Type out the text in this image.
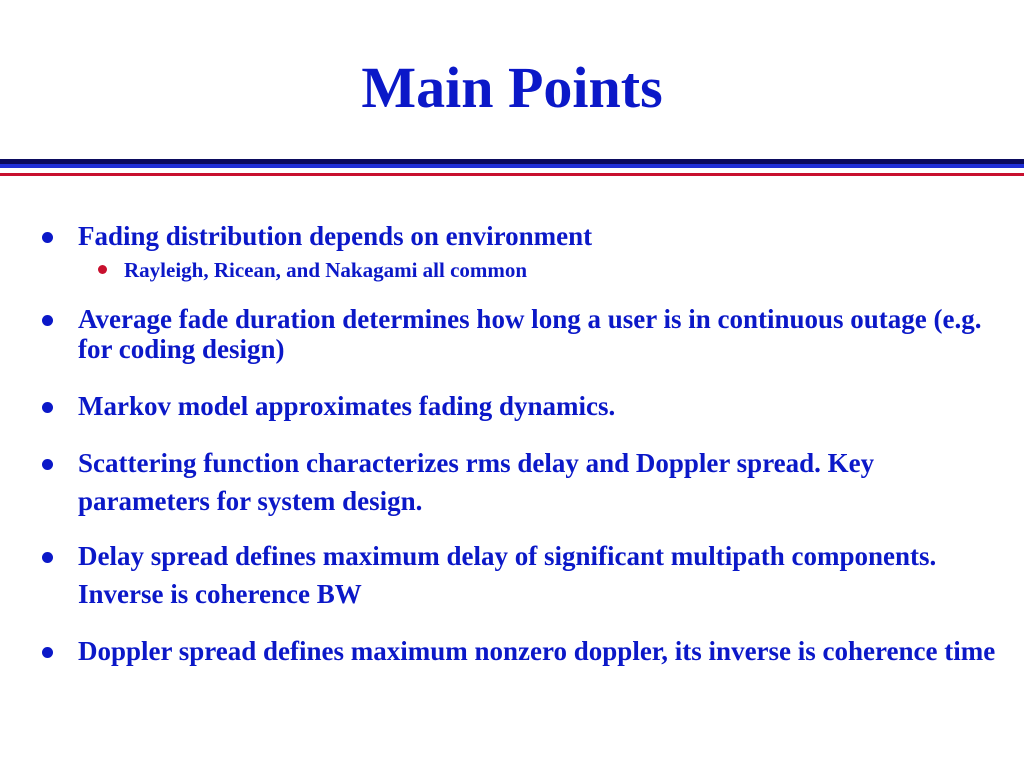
Main Points
Fading distribution depends on environment
Rayleigh, Ricean, and Nakagami all common
Average fade duration determines how long a user is in continuous outage (e.g. for coding design)
Markov model approximates fading dynamics.
Scattering function characterizes rms delay and Doppler spread. Key parameters for system design.
Delay spread defines maximum delay of significant multipath components. Inverse is coherence BW
Doppler spread defines maximum nonzero doppler, its inverse is coherence time
